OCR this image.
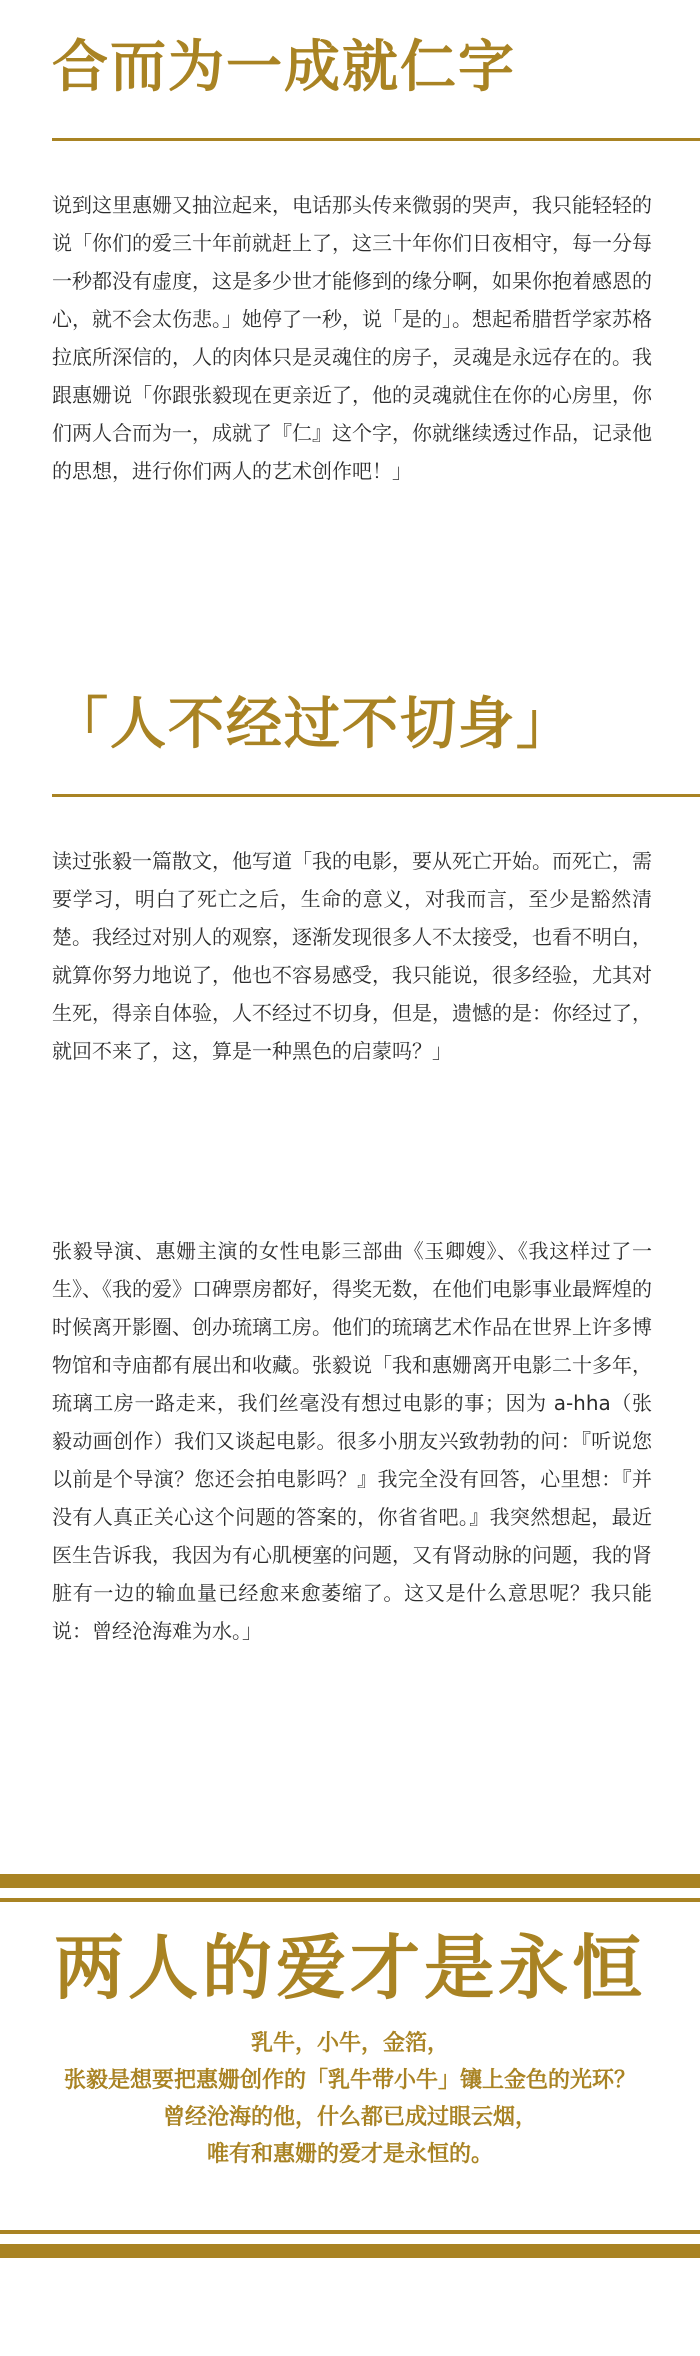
合而为一成就仁字

说到这里惠姗又抽泣起来，电话那头传来微弱的哭声，我只能轻轻的说「你们的爱三十年前就赶上了，这三十年你们日夜相守，每一分每一秒都没有虚度，这是多少世才能修到的缘分啊，如果你抱着感恩的心，就不会太伤悲。」她停了一秒，说「是的」。想起希腊哲学家苏格拉底所深信的，人的肉体只是灵魂住的房子，灵魂是永远存在的。我跟惠姗说「你跟张毅现在更亲近了，他的灵魂就住在你的心房里，你们两人合而为一，成就了『仁』这个字，你就继续透过作品，记录他的思想，进行你们两人的艺术创作吧！」

「人不经过不切身」

读过张毅一篇散文，他写道「我的电影，要从死亡开始。而死亡，需要学习，明白了死亡之后，生命的意义，对我而言，至少是豁然清楚。我经过对别人的观察，逐渐发现很多人不太接受，也看不明白，就算你努力地说了，他也不容易感受，我只能说，很多经验，尤其对生死，得亲自体验，人不经过不切身，但是，遗憾的是：你经过了，就回不来了，这，算是一种黑色的启蒙吗？」

张毅导演、惠姗主演的女性电影三部曲《玉卿嫂》、《我这样过了一生》、《我的爱》口碑票房都好，得奖无数，在他们电影事业最辉煌的时候离开影圈、创办琉璃工房。他们的琉璃艺术作品在世界上许多博物馆和寺庙都有展出和收藏。张毅说「我和惠姗离开电影二十多年，琉璃工房一路走来，我们丝毫没有想过电影的事；因为 a-hha（张毅动画创作）我们又谈起电影。很多小朋友兴致勃勃的问：『听说您以前是个导演？您还会拍电影吗？』我完全没有回答，心里想：『并没有人真正关心这个问题的答案的，你省省吧。』我突然想起，最近医生告诉我，我因为有心肌梗塞的问题，又有肾动脉的问题，我的肾脏有一边的输血量已经愈来愈萎缩了。这又是什么意思呢？我只能说：曾经沧海难为水。」

两人的爱才是永恒
乳牛，小牛，金箔，
张毅是想要把惠姗创作的「乳牛带小牛」镶上金色的光环？
曾经沧海的他，什么都已成过眼云烟，
唯有和惠姗的爱才是永恒的。
